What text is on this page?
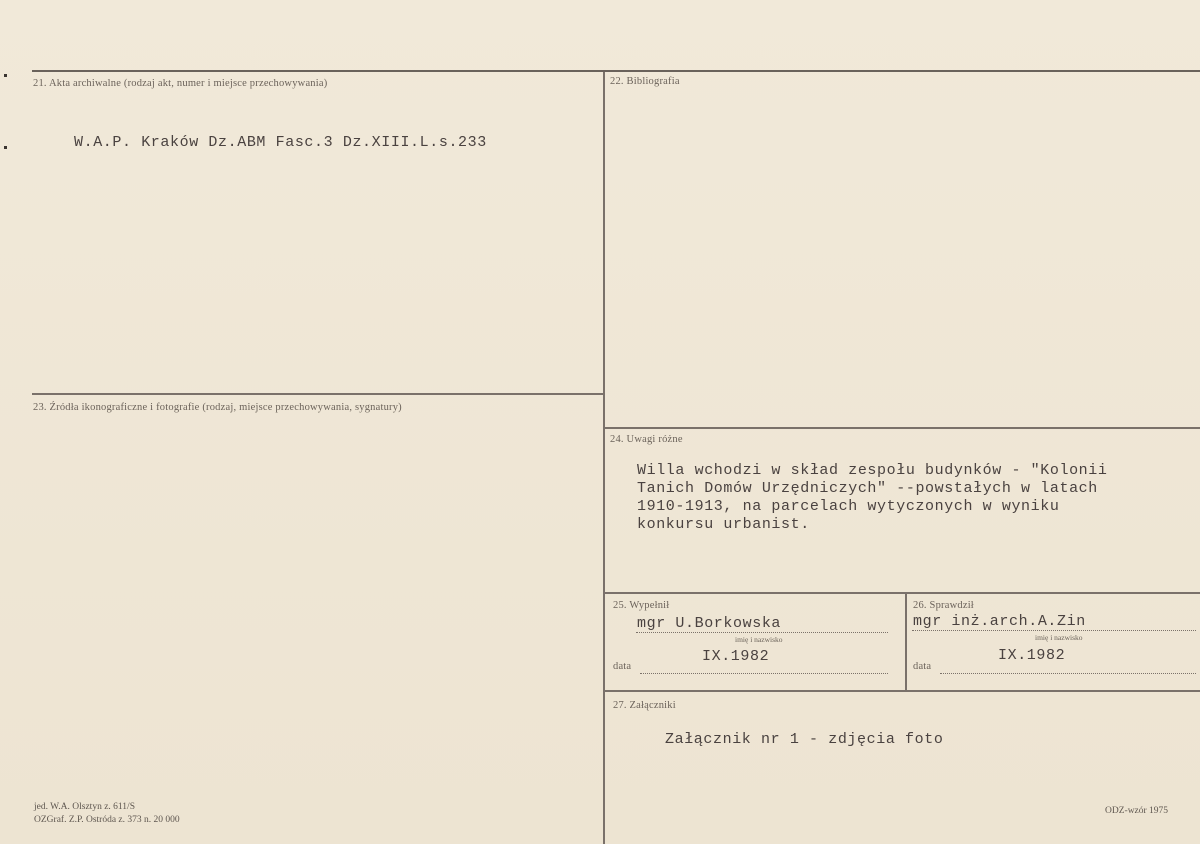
21. Akta archiwalne (rodzaj akt, numer i miejsce przechowywania)
W.A.P. Kraków Dz.ABM Fasc.3 Dz.XIII.L.s.233
22. Bibliografia
23. Źródła ikonograficzne i fotografie (rodzaj, miejsce przechowywania, sygnatury)
24. Uwagi różne
Willa wchodzi w skład zespołu budynków - "Kolonii
Tanich Domów Urzędniczych" --powstałych w latach
1910-1913, na parcelach wytyczonych w wyniku
konkursu urbanist.
25. Wypełnił
mgr U.Borkowska
imię i nazwisko
data
IX.1982
26. Sprawdził
mgr inż.arch.A.Zin
imię i nazwisko
data
IX.1982
27. Załączniki
Załącznik nr 1 - zdjęcia foto
jed. W.A. Olsztyn z. 611/S
OZGraf. Z.P. Ostróda z. 373 n. 20 000
ODZ-wzór 1975
